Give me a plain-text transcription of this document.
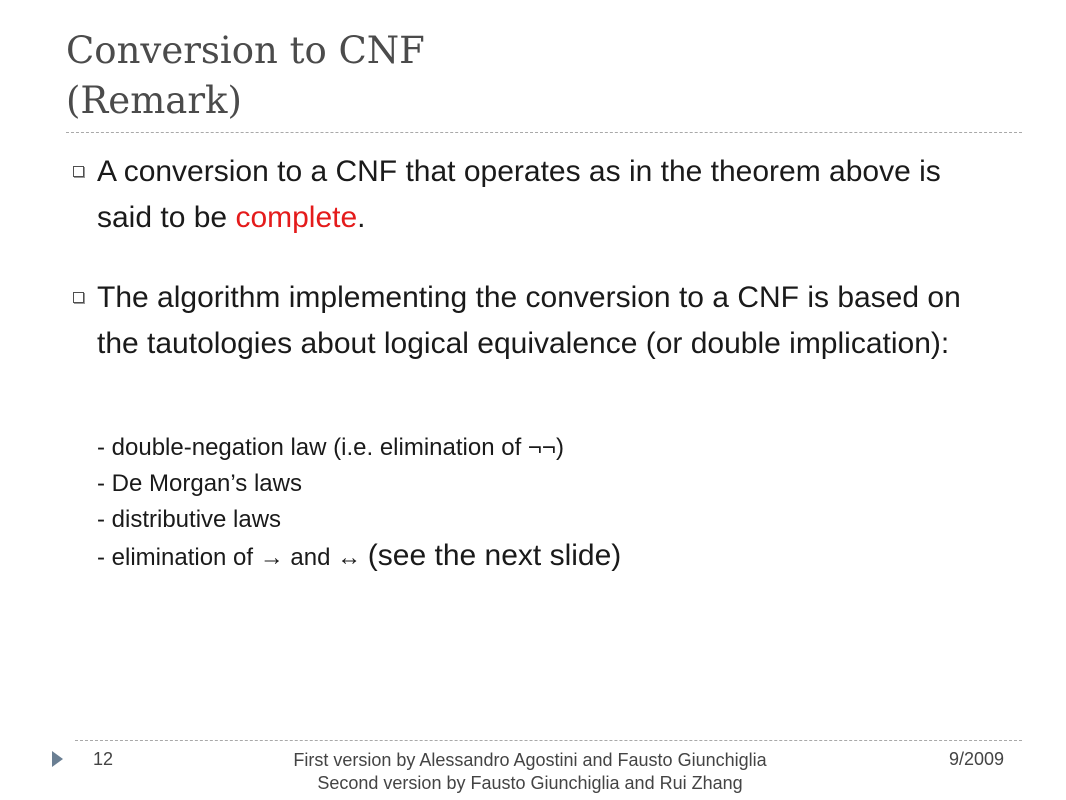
Conversion to CNF
(Remark)
A conversion to a CNF that operates as in the theorem above is said to be complete.
The algorithm implementing the conversion to a CNF is based on the tautologies about logical equivalence (or double implication):
- double-negation law (i.e. elimination of ¬¬)
- De Morgan’s laws
- distributive laws
- elimination of → and ↔ (see the next slide)
12	First version by Alessandro Agostini and Fausto Giunchiglia
Second version by Fausto Giunchiglia and Rui Zhang
9/2009
